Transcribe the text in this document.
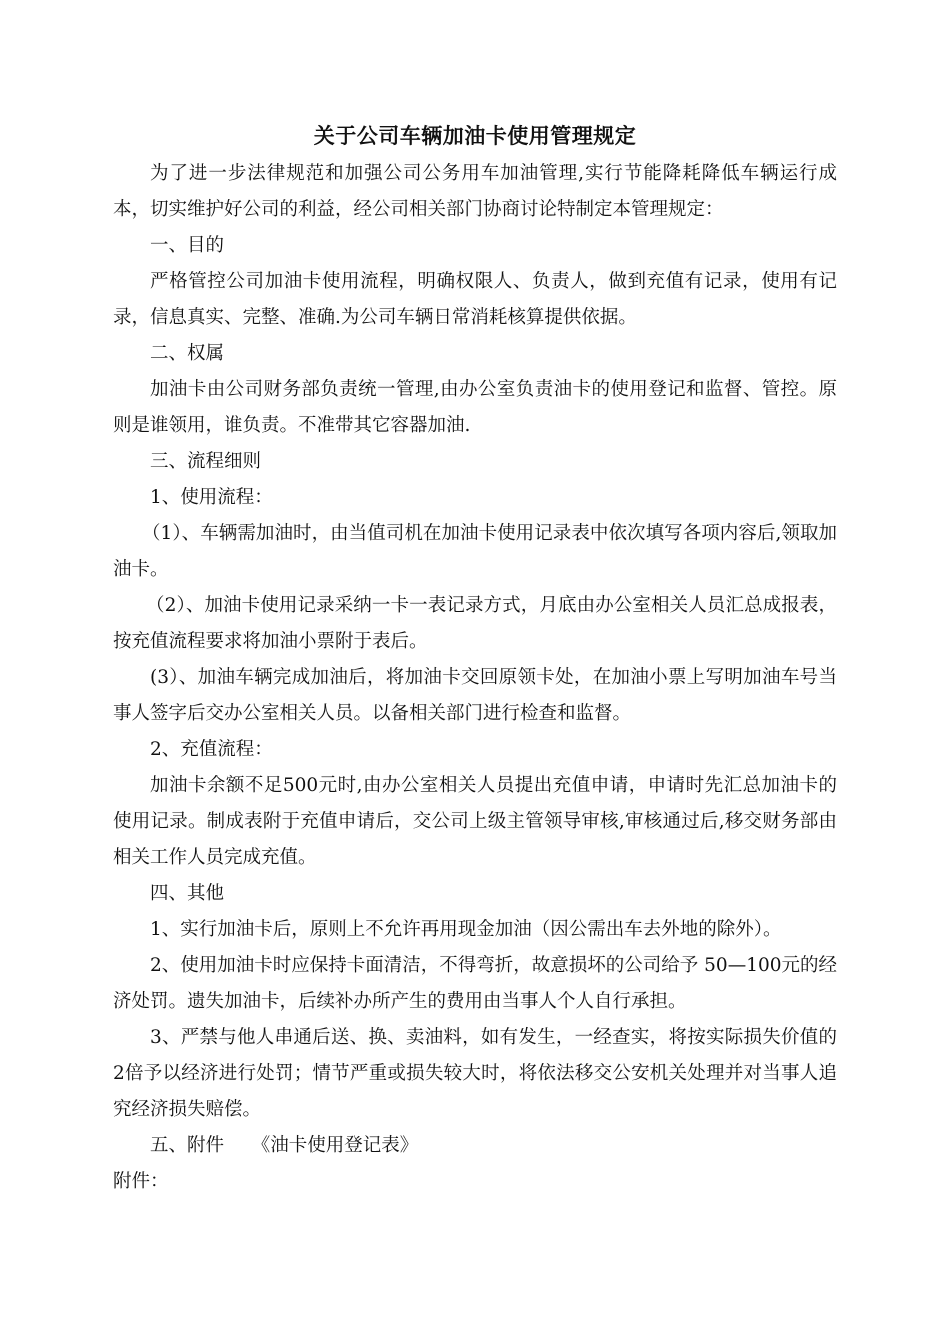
关于公司车辆加油卡使用管理规定

为了进一步法律规范和加强公司公务用车加油管理,实行节能降耗降低车辆运行成本，切实维护好公司的利益，经公司相关部门协商讨论特制定本管理规定：

一、目的

严格管控公司加油卡使用流程，明确权限人、负责人，做到充值有记录，使用有记录，信息真实、完整、准确.为公司车辆日常消耗核算提供依据。

二、权属

加油卡由公司财务部负责统一管理,由办公室负责油卡的使用登记和监督、管控。原则是谁领用，谁负责。不准带其它容器加油.

三、流程细则

1、使用流程：

（1）、车辆需加油时，由当值司机在加油卡使用记录表中依次填写各项内容后,领取加油卡。

（2）、加油卡使用记录采纳一卡一表记录方式，月底由办公室相关人员汇总成报表，按充值流程要求将加油小票附于表后。

(3）、加油车辆完成加油后，将加油卡交回原领卡处，在加油小票上写明加油车号当事人签字后交办公室相关人员。以备相关部门进行检查和监督。

2、充值流程：

加油卡余额不足500元时,由办公室相关人员提出充值申请，申请时先汇总加油卡的使用记录。制成表附于充值申请后，交公司上级主管领导审核,审核通过后,移交财务部由相关工作人员完成充值。

四、其他

1、实行加油卡后，原则上不允许再用现金加油（因公需出车去外地的除外）。

2、使用加油卡时应保持卡面清洁，不得弯折，故意损坏的公司给予 50—100元的经济处罚。遗失加油卡，后续补办所产生的费用由当事人个人自行承担。

3、严禁与他人串通后送、换、卖油料，如有发生，一经查实，将按实际损失价值的2倍予以经济进行处罚；情节严重或损失较大时，将依法移交公安机关处理并对当事人追究经济损失赔偿。

五、附件　　《油卡使用登记表》

附件：
